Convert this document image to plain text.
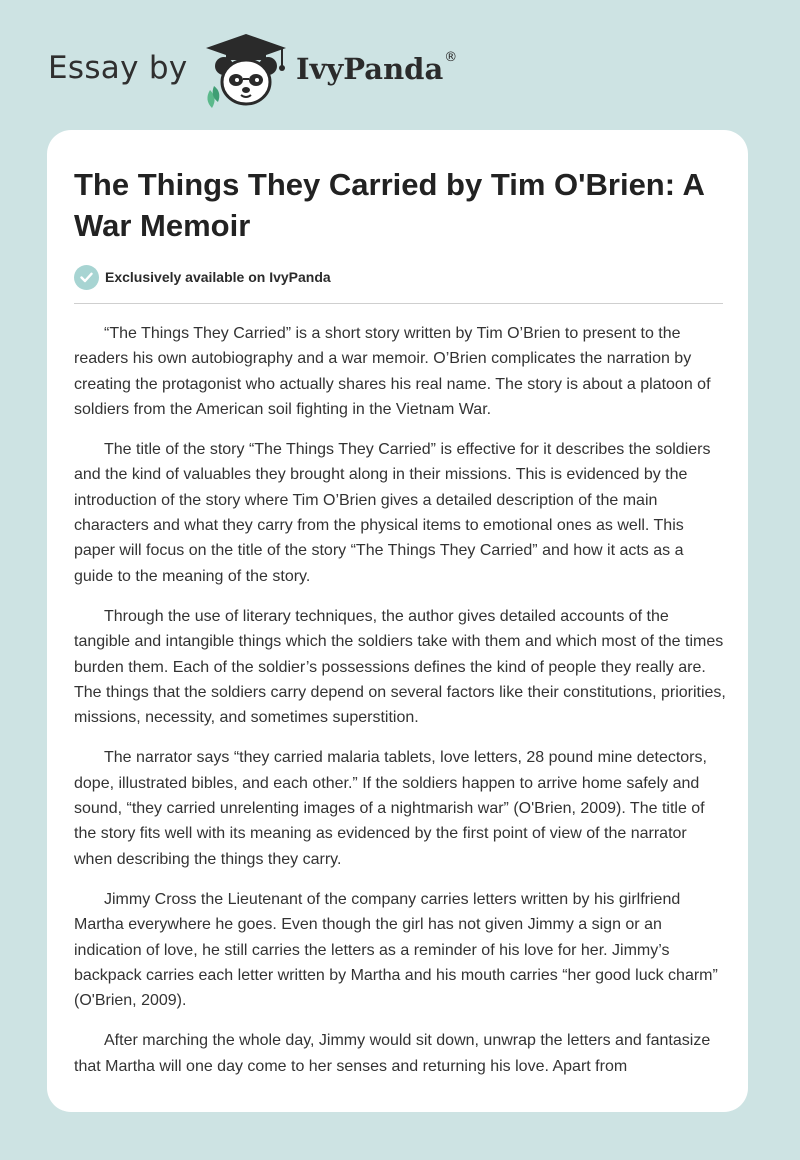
Essay by	IvyPanda®
The Things They Carried by Tim O'Brien: A War Memoir
Exclusively available on IvyPanda

“The Things They Carried” is a short story written by Tim O’Brien to present to the readers his own autobiography and a war memoir. O’Brien complicates the narration by creating the protagonist who actually shares his real name. The story is about a platoon of soldiers from the American soil fighting in the Vietnam War.

The title of the story “The Things They Carried” is effective for it describes the soldiers and the kind of valuables they brought along in their missions. This is evidenced by the introduction of the story where Tim O’Brien gives a detailed description of the main characters and what they carry from the physical items to emotional ones as well. This paper will focus on the title of the story “The Things They Carried” and how it acts as a guide to the meaning of the story.

Through the use of literary techniques, the author gives detailed accounts of the tangible and intangible things which the soldiers take with them and which most of the times burden them. Each of the soldier’s possessions defines the kind of people they really are. The things that the soldiers carry depend on several factors like their constitutions, priorities, missions, necessity, and sometimes superstition.

The narrator says “they carried malaria tablets, love letters, 28 pound mine detectors, dope, illustrated bibles, and each other.” If the soldiers happen to arrive home safely and sound, “they carried unrelenting images of a nightmarish war” (O'Brien, 2009). The title of the story fits well with its meaning as evidenced by the first point of view of the narrator when describing the things they carry.

Jimmy Cross the Lieutenant of the company carries letters written by his girlfriend Martha everywhere he goes. Even though the girl has not given Jimmy a sign or an indication of love, he still carries the letters as a reminder of his love for her. Jimmy’s backpack carries each letter written by Martha and his mouth carries “her good luck charm” (O'Brien, 2009).

After marching the whole day, Jimmy would sit down, unwrap the letters and fantasize that Martha will one day come to her senses and returning his love. Apart from
